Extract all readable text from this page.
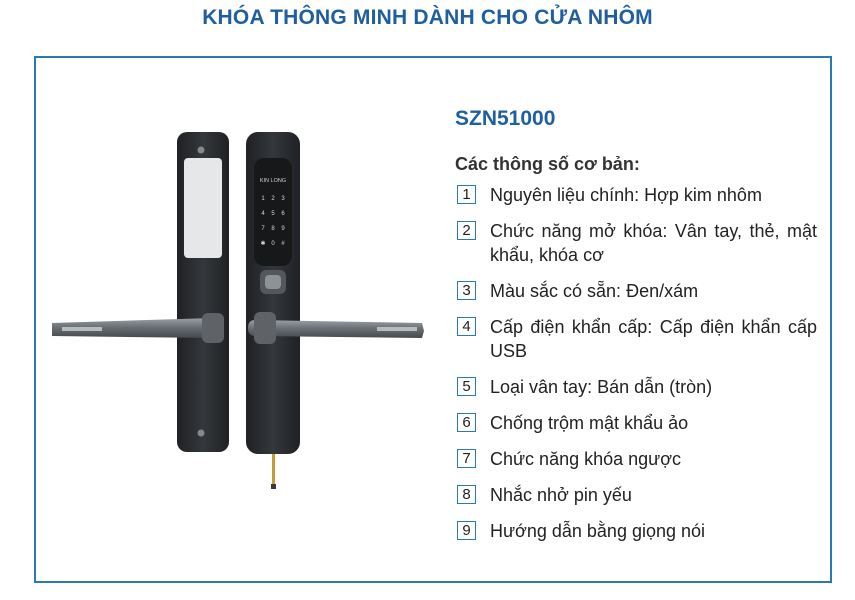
KHÓA THÔNG MINH DÀNH CHO CỬA NHÔM
KIN LONG
1 2 3
4 5 6
7 8 9
✱ 0 #
SZN51000
Các thông số cơ bản:
1 Nguyên liệu chính: Hợp kim nhôm
2 Chức năng mở khóa: Vân tay, thẻ, mật khẩu, khóa cơ
3 Màu sắc có sẵn: Đen/xám
4 Cấp điện khẩn cấp: Cấp điện khẩn cấp USB
5 Loại vân tay: Bán dẫn (tròn)
6 Chống trộm mật khẩu ảo
7 Chức năng khóa ngược
8 Nhắc nhở pin yếu
9 Hướng dẫn bằng giọng nói
